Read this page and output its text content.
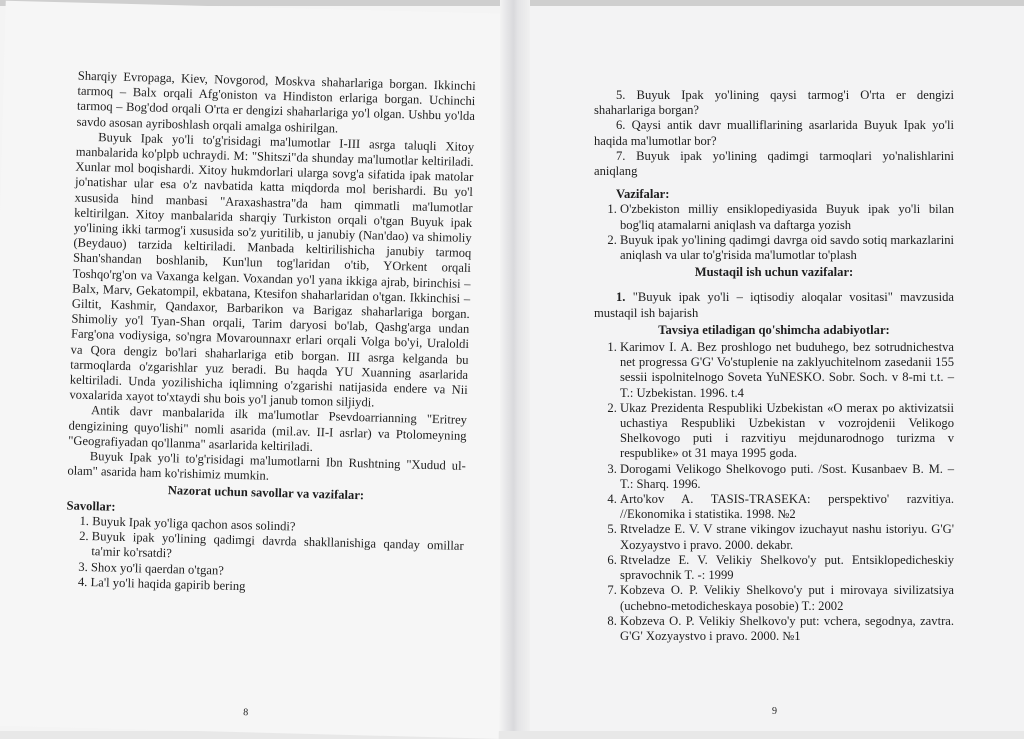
Sharqiy Evropaga, Kiev, Novgorod, Moskva shaharlariga borgan. Ikkinchi tarmoq – Balx orqali Afg'oniston va Hindiston erlariga borgan. Uchinchi tarmoq – Bog'dod orqali O'rta er dengizi shaharlariga yo'l olgan. Ushbu yo'lda savdo asosan ayriboshlash orqali amalga oshirilgan.

Buyuk Ipak yo'li to'g'risidagi ma'lumotlar I-III asrga taluqli Xitoy manbalarida ko'plpb uchraydi. M: "Shitszi"da shunday ma'lumotlar keltiriladi. Xunlar mol boqishardi. Xitoy hukmdorlari ularga sovg'a sifatida ipak matolar jo'natishar ular esa o'z navbatida katta miqdorda mol berishardi. Bu yo'l xususida hind manbasi "Araxashastra"da ham qimmatli ma'lumotlar keltirilgan. Xitoy manbalarida sharqiy Turkiston orqali o'tgan Buyuk ipak yo'lining ikki tarmog'i xususida so'z yuritilib, u janubiy (Nan'dao) va shimoliy (Beydauo) tarzida keltiriladi. Manbada keltirilishicha janubiy tarmoq Shan'shandan boshlanib, Kun'lun tog'laridan o'tib, YOrkent orqali Toshqo'rg'on va Vaxanga kelgan. Voxandan yo'l yana ikkiga ajrab, birinchisi – Balx, Marv, Gekatompil, ekbatana, Ktesifon shaharlaridan o'tgan. Ikkinchisi – Giltit, Kashmir, Qandaxor, Barbarikon va Barigaz shaharlariga borgan. Shimoliy yo'l Tyan-Shan orqali, Tarim daryosi bo'lab, Qashg'arga undan Farg'ona vodiysiga, so'ngra Movarounnaxr erlari orqali Volga bo'yi, Uraloldi va Qora dengiz bo'lari shaharlariga etib borgan. III asrga kelganda bu tarmoqlarda o'zgarishlar yuz beradi. Bu haqda YU Xuanning asarlarida keltiriladi. Unda yozilishicha iqlimning o'zgarishi natijasida endere va Nii voxalarida xayot to'xtaydi shu bois yo'l janub tomon siljiydi.

Antik davr manbalarida ilk ma'lumotlar Psevdoarrianning "Eritrey dengizining quyo'lishi" nomli asarida (mil.av. II-I asrlar) va Ptolomeyning "Geografiyadan qo'llanma" asarlarida keltiriladi.

Buyuk Ipak yo'li to'g'risidagi ma'lumotlarni Ibn Rushtning "Xudud ul-olam" asarida ham ko'rishimiz mumkin.

Nazorat uchun savollar va vazifalar:

Savollar:

1. Buyuk Ipak yo'liga qachon asos solindi?
2. Buyuk ipak yo'lining qadimgi davrda shakllanishiga qanday omillar ta'mir ko'rsatdi?
3. Shox yo'li qaerdan o'tgan?
4. La'l yo'li haqida gapirib bering
8

5. Buyuk Ipak yo'lining qaysi tarmog'i O'rta er dengizi shaharlariga borgan?

6. Qaysi antik davr mualliflarining asarlarida Buyuk Ipak yo'li haqida ma'lumotlar bor?

7. Buyuk ipak yo'lining qadimgi tarmoqlari yo'nalishlarini aniqlang

Vazifalar:

1. O'zbekiston milliy ensiklopediyasida Buyuk ipak yo'li bilan bog'liq atamalarni aniqlash va daftarga yozish
2. Buyuk ipak yo'lining qadimgi davrga oid savdo sotiq markazlarini aniqlash va ular to'g'risida ma'lumotlar to'plash

Mustaqil ish uchun vazifalar:

1. "Buyuk ipak yo'li – iqtisodiy aloqalar vositasi" mavzusida mustaqil ish bajarish

Tavsiya etiladigan qo'shimcha adabiyotlar:

1. Karimov I. A. Bez proshlogo net buduhego, bez sotrudnichestva net progressa G'G' Vo'stuplenie na zaklyuchitelnom zasedanii 155 sessii ispolnitelnogo Soveta YuNESKO. Sobr. Soch. v 8-mi t.t. – T.: Uzbekistan. 1996. t.4
2. Ukaz Prezidenta Respubliki Uzbekistan «O merax po aktivizatsii uchastiya Respubliki Uzbekistan v vozrojdenii Velikogo Shelkovogo puti i razvitiyu mejdunarodnogo turizma v respublike» ot 31 maya 1995 goda.
3. Dorogami Velikogo Shelkovogo puti. /Sost. Kusanbaev B. M. – T.: Sharq. 1996.
4. Arto'kov A. TASIS-TRASEKA: perspektivo' razvitiya. //Ekonomika i statistika. 1998. №2
5. Rtveladze E. V. V strane vikingov izuchayut nashu istoriyu. G'G' Xozyaystvo i pravo. 2000. dekabr.
6. Rtveladze E. V. Velikiy Shelkovo'y put. Entsiklopedicheskiy spravochnik T. -: 1999
7. Kobzeva O. P. Velikiy Shelkovo'y put i mirovaya sivilizatsiya (uchebno-metodicheskaya posobie) T.: 2002
8. Kobzeva O. P. Velikiy Shelkovo'y put: vchera, segodnya, zavtra. G'G' Xozyaystvo i pravo. 2000. №1
9
